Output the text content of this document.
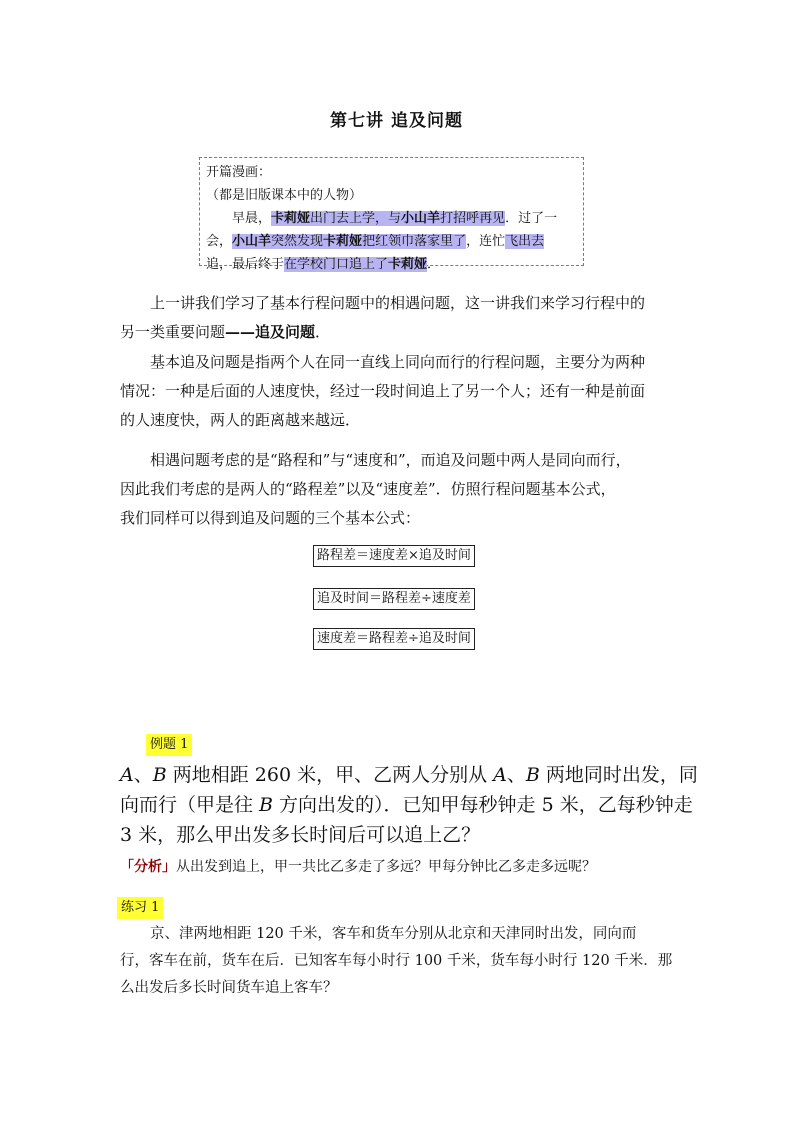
第七讲 追及问题
开篇漫画：
（都是旧版课本中的人物）
早晨，卡莉娅出门去上学，与小山羊打招呼再见．过了一
会，小山羊突然发现卡莉娅把红领巾落家里了，连忙飞出去
追，最后终于在学校门口追上了卡莉娅．
上一讲我们学习了基本行程问题中的相遇问题，这一讲我们来学习行程中的
另一类重要问题——追及问题．
基本追及问题是指两个人在同一直线上同向而行的行程问题，主要分为两种
情况：一种是后面的人速度快，经过一段时间追上了另一个人；还有一种是前面
的人速度快，两人的距离越来越远．
相遇问题考虑的是“路程和”与“速度和”，而追及问题中两人是同向而行，
因此我们考虑的是两人的“路程差”以及“速度差”．仿照行程问题基本公式，
我们同样可以得到追及问题的三个基本公式：
路程差＝速度差×追及时间
追及时间＝路程差÷速度差
速度差＝路程差÷追及时间
例题 1
A、B 两地相距 260 米，甲、乙两人分别从 A、B 两地同时出发，同
向而行（甲是往 B 方向出发的）．已知甲每秒钟走 5 米，乙每秒钟走
3 米，那么甲出发多长时间后可以追上乙？
「分析」从出发到追上，甲一共比乙多走了多远？甲每分钟比乙多走多远呢？
练习 1
京、津两地相距 120 千米，客车和货车分别从北京和天津同时出发，同向而
行，客车在前，货车在后．已知客车每小时行 100 千米，货车每小时行 120 千米．那
么出发后多长时间货车追上客车？
